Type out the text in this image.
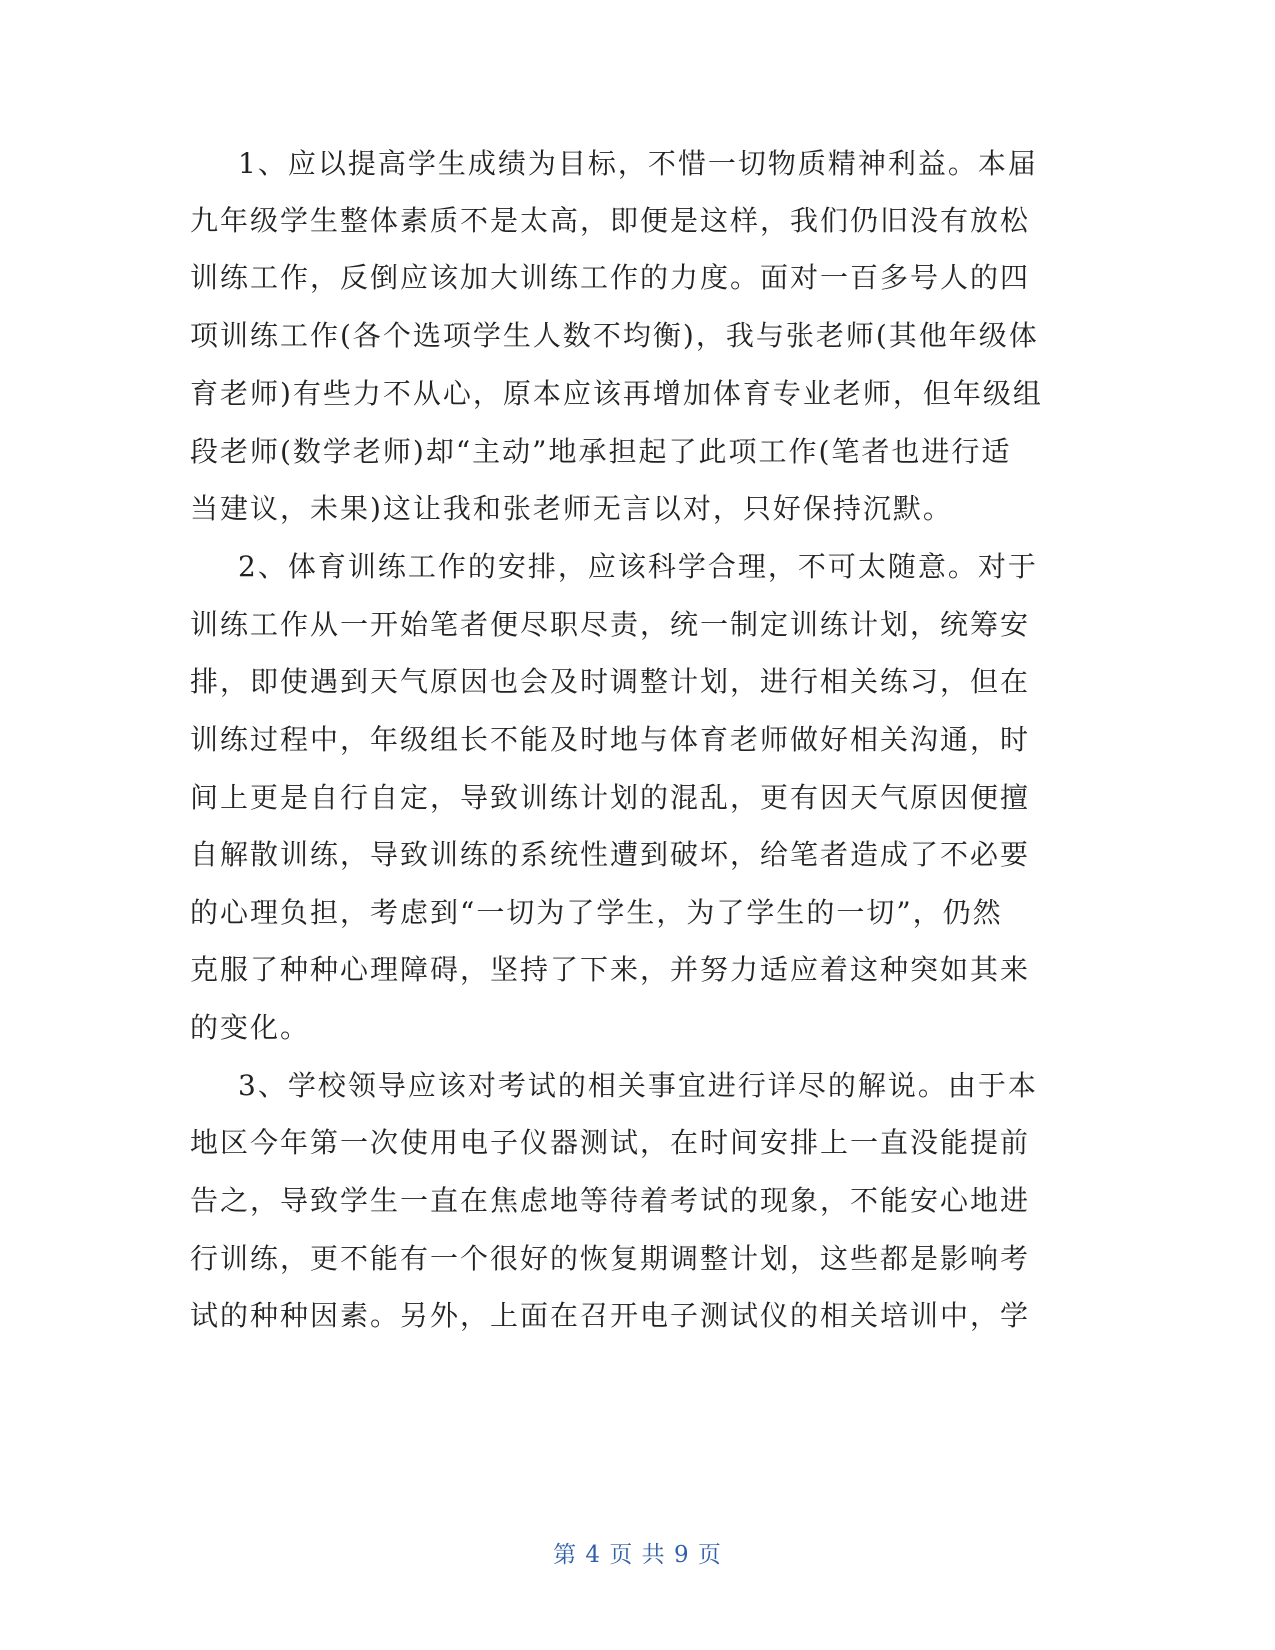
1、应以提高学生成绩为目标，不惜一切物质精神利益。本届
九年级学生整体素质不是太高，即便是这样，我们仍旧没有放松
训练工作，反倒应该加大训练工作的力度。面对一百多号人的四
项训练工作(各个选项学生人数不均衡)，我与张老师(其他年级体
育老师)有些力不从心，原本应该再增加体育专业老师，但年级组
段老师(数学老师)却“主动”地承担起了此项工作(笔者也进行适
当建议，未果)这让我和张老师无言以对，只好保持沉默。
2、体育训练工作的安排，应该科学合理，不可太随意。对于
训练工作从一开始笔者便尽职尽责，统一制定训练计划，统筹安
排，即使遇到天气原因也会及时调整计划，进行相关练习，但在
训练过程中，年级组长不能及时地与体育老师做好相关沟通，时
间上更是自行自定，导致训练计划的混乱，更有因天气原因便擅
自解散训练，导致训练的系统性遭到破坏，给笔者造成了不必要
的心理负担，考虑到“一切为了学生，为了学生的一切”，仍然
克服了种种心理障碍，坚持了下来，并努力适应着这种突如其来
的变化。
3、学校领导应该对考试的相关事宜进行详尽的解说。由于本
地区今年第一次使用电子仪器测试，在时间安排上一直没能提前
告之，导致学生一直在焦虑地等待着考试的现象，不能安心地进
行训练，更不能有一个很好的恢复期调整计划，这些都是影响考
试的种种因素。另外，上面在召开电子测试仪的相关培训中，学
第 4 页 共 9 页
